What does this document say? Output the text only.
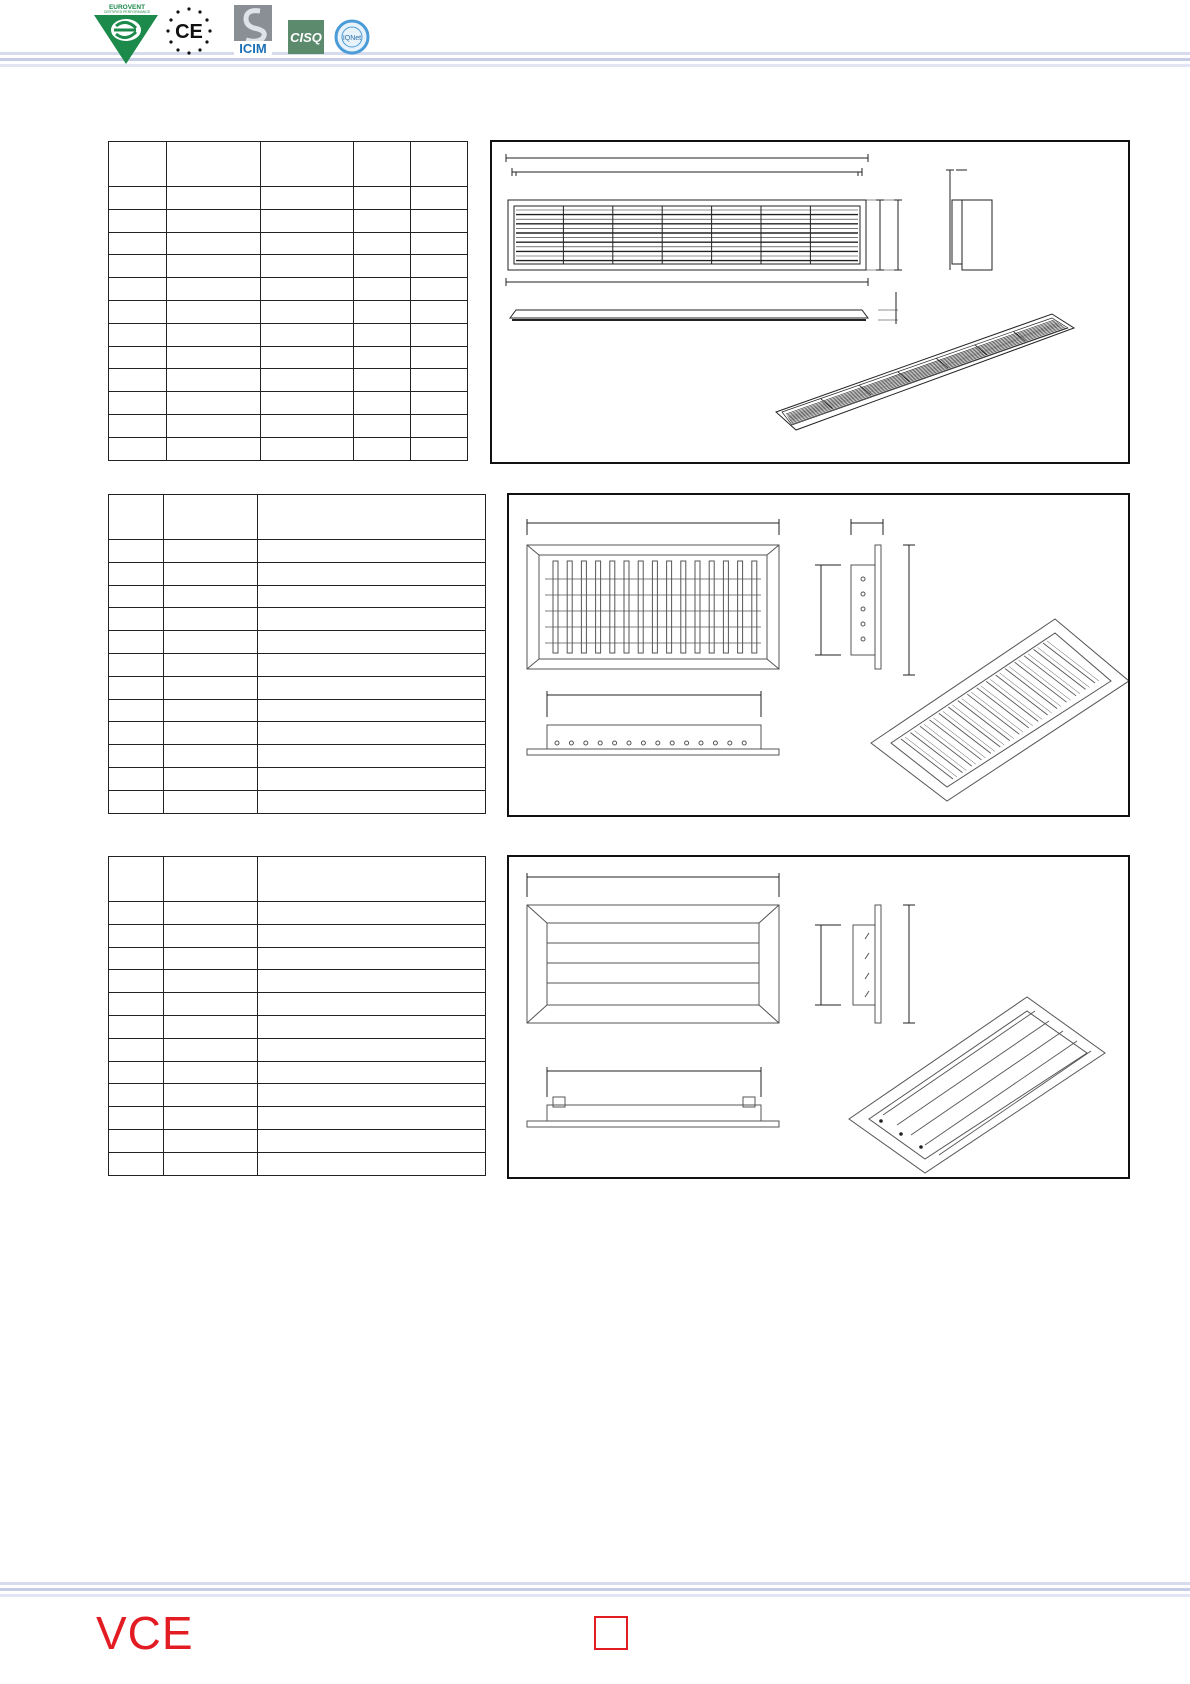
EUROVENT
CERTIFIED PERFORMANCE
CE
ICIM
CISQ	IQNet

VCE
